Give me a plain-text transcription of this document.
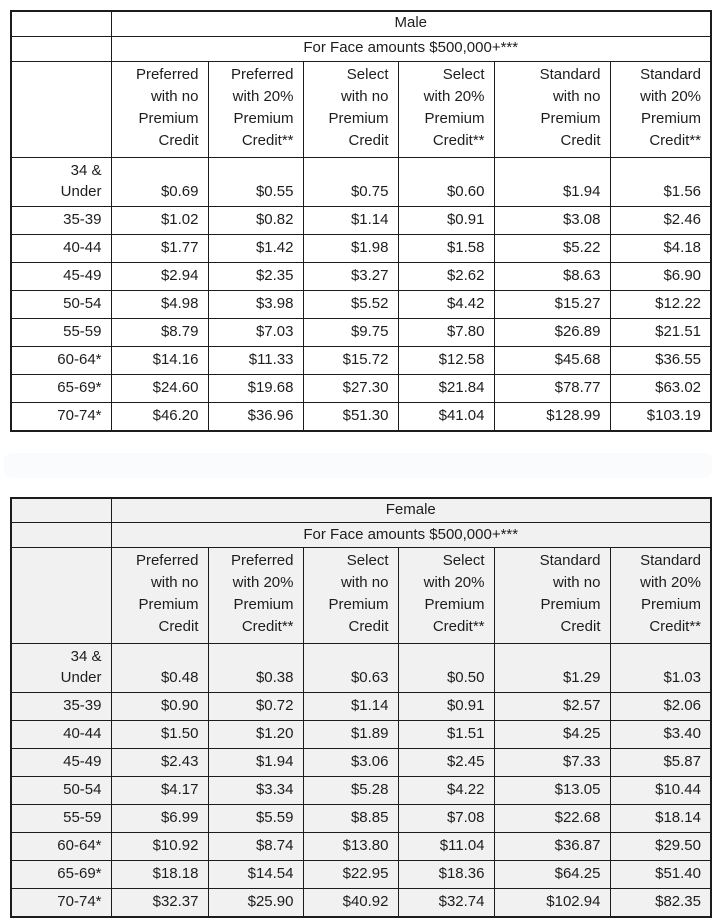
	Male					
	For Face amounts $500,000+***					
	Preferred
with no
Premium
Credit	Preferred
with 20%
Premium
Credit**	Select
with no
Premium
Credit	Select
with 20%
Premium
Credit**	Standard
with no
Premium
Credit	Standard
with 20%
Premium
Credit**
34 &
Under	$0.69	$0.55	$0.75	$0.60	$1.94	$1.56
35-39	$1.02	$0.82	$1.14	$0.91	$3.08	$2.46
40-44	$1.77	$1.42	$1.98	$1.58	$5.22	$4.18
45-49	$2.94	$2.35	$3.27	$2.62	$8.63	$6.90
50-54	$4.98	$3.98	$5.52	$4.42	$15.27	$12.22
55-59	$8.79	$7.03	$9.75	$7.80	$26.89	$21.51
60-64*	$14.16	$11.33	$15.72	$12.58	$45.68	$36.55
65-69*	$24.60	$19.68	$27.30	$21.84	$78.77	$63.02
70-74*	$46.20	$36.96	$51.30	$41.04	$128.99	$103.19
	Female					
	For Face amounts $500,000+***					
	Preferred
with no
Premium
Credit	Preferred
with 20%
Premium
Credit**	Select
with no
Premium
Credit	Select
with 20%
Premium
Credit**	Standard
with no
Premium
Credit	Standard
with 20%
Premium
Credit**
34 &
Under	$0.48	$0.38	$0.63	$0.50	$1.29	$1.03
35-39	$0.90	$0.72	$1.14	$0.91	$2.57	$2.06
40-44	$1.50	$1.20	$1.89	$1.51	$4.25	$3.40
45-49	$2.43	$1.94	$3.06	$2.45	$7.33	$5.87
50-54	$4.17	$3.34	$5.28	$4.22	$13.05	$10.44
55-59	$6.99	$5.59	$8.85	$7.08	$22.68	$18.14
60-64*	$10.92	$8.74	$13.80	$11.04	$36.87	$29.50
65-69*	$18.18	$14.54	$22.95	$18.36	$64.25	$51.40
70-74*	$32.37	$25.90	$40.92	$32.74	$102.94	$82.35
